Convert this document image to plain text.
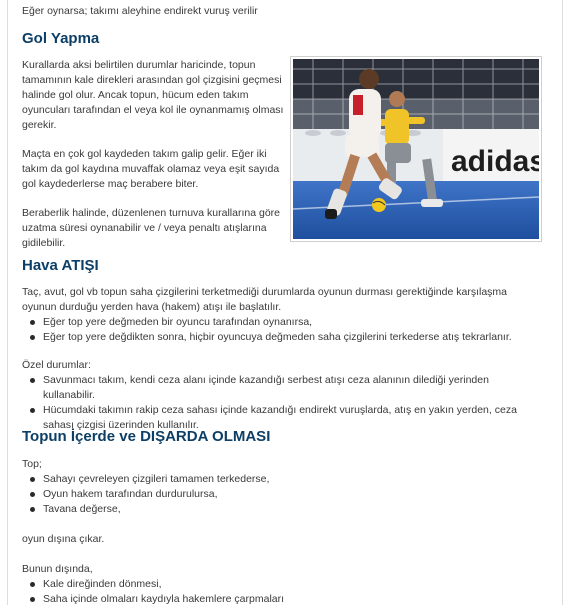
Eğer oynarsa; takımı aleyhine endirekt vuruş verilir

Gol Yapma

Kurallarda aksi belirtilen durumlar haricinde, topun tamamının kale direkleri arasından gol çizgisini geçmesi halinde gol olur. Ancak topun, hücum eden takım oyuncuları tarafından el veya kol ile oynanmamış olması gerekir.

Maçta en çok gol kaydeden takım galip gelir. Eğer iki takım da gol kaydına muvaffak olamaz veya eşit sayıda gol kaydederlerse maç berabere biter.

Beraberlik halinde, düzenlenen turnuva kurallarına göre uzatma süresi oynanabilir ve / veya penaltı atışlarına gidilebilir.

adidas
Hava ATIŞI

Taç, avut, gol vb topun saha çizgilerini terketmediği durumlarda oyunun durması gerektiğinde karşılaşma oyunun durduğu yerden hava (hakem) atışı ile başlatılır.

Eğer top yere değmeden bir oyuncu tarafından oynanırsa,
Eğer top yere değdikten sonra, hiçbir oyuncuya değmeden saha çizgilerini terkederse atış tekrarlanır.

Özel durumlar:

Savunmacı takım, kendi ceza alanı içinde kazandığı serbest atışı ceza alanının dilediği yerinden kullanabilir.
Hücumdaki takımın rakip ceza sahası içinde kazandığı endirekt vuruşlarda, atış en yakın yerden, ceza sahası çizgisi üzerinden kullanılır.
Topun İçerde ve DIŞARDA OLMASI

Top;

Sahayı çevreleyen çizgileri tamamen terkederse,
Oyun hakem tarafından durdurulursa,
Tavana değerse,

oyun dışına çıkar.

Bunun dışında,

Kale direğinden dönmesi,
Saha içinde olmaları kaydıyla hakemlere çarpmaları
